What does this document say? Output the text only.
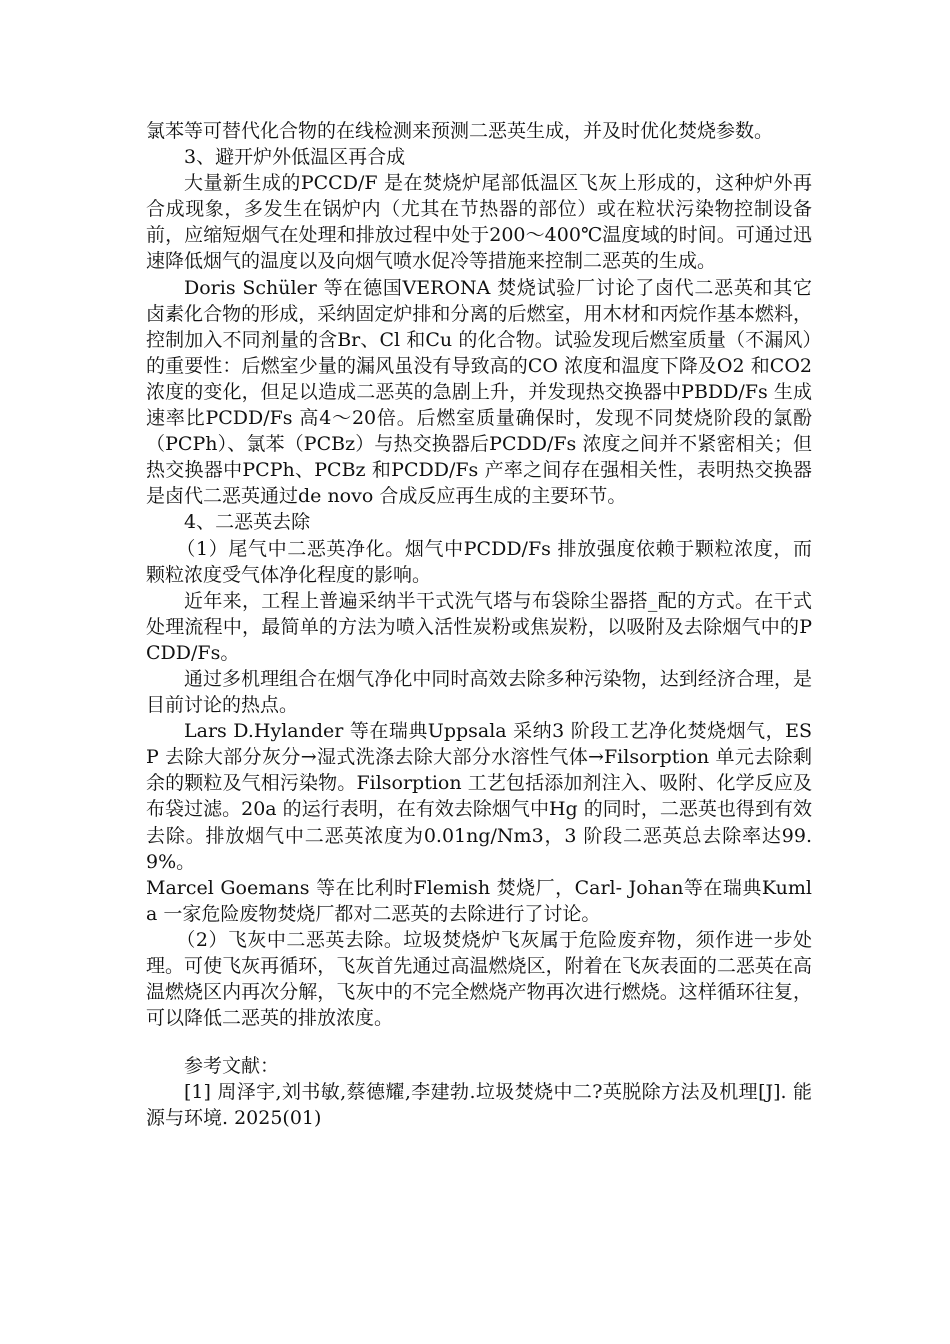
氯苯等可替代化合物的在线检测来预测二恶英生成，并及时优化焚烧参数。

3、避开炉外低温区再合成

大量新生成的PCCD/F 是在焚烧炉尾部低温区飞灰上形成的，这种炉外再合成现象，多发生在锅炉内（尤其在节热器的部位）或在粒状污染物控制设备前，应缩短烟气在处理和排放过程中处于200～400℃温度域的时间。可通过迅速降低烟气的温度以及向烟气喷水促冷等措施来控制二恶英的生成。

Doris Schüler 等在德国VERONA 焚烧试验厂讨论了卤代二恶英和其它卤素化合物的形成，采纳固定炉排和分离的后燃室，用木材和丙烷作基本燃料，控制加入不同剂量的含Br、Cl 和Cu 的化合物。试验发现后燃室质量（不漏风）的重要性：后燃室少量的漏风虽没有导致高的CO 浓度和温度下降及O2 和CO2 浓度的变化，但足以造成二恶英的急剧上升，并发现热交换器中PBDD/Fs 生成速率比PCDD/Fs 高4～20倍。后燃室质量确保时，发现不同焚烧阶段的氯酚（PCPh）、氯苯（PCBz）与热交换器后PCDD/Fs 浓度之间并不紧密相关；但热交换器中PCPh、PCBz 和PCDD/Fs 产率之间存在强相关性，表明热交换器是卤代二恶英通过de novo 合成反应再生成的主要环节。

4、二恶英去除

（1）尾气中二恶英净化。烟气中PCDD/Fs 排放强度依赖于颗粒浓度，而颗粒浓度受气体净化程度的影响。

近年来，工程上普遍采纳半干式洗气塔与布袋除尘器搭_配的方式。在干式处理流程中，最简单的方法为喷入活性炭粉或焦炭粉，以吸附及去除烟气中的PCDD/Fs。

通过多机理组合在烟气净化中同时高效去除多种污染物，达到经济合理，是目前讨论的热点。

Lars D.Hylander 等在瑞典Uppsala 采纳3 阶段工艺净化焚烧烟气，ESP 去除大部分灰分→湿式洗涤去除大部分水溶性气体→Filsorption 单元去除剩余的颗粒及气相污染物。Filsorption 工艺包括添加剂注入、吸附、化学反应及布袋过滤。20a 的运行表明，在有效去除烟气中Hg 的同时，二恶英也得到有效去除。排放烟气中二恶英浓度为0.01ng/Nm3，3 阶段二恶英总去除率达99.9%。

Marcel Goemans 等在比利时Flemish 焚烧厂，Carl- Johan等在瑞典Kumla 一家危险废物焚烧厂都对二恶英的去除进行了讨论。

（2）飞灰中二恶英去除。垃圾焚烧炉飞灰属于危险废弃物，须作进一步处理。可使飞灰再循环，飞灰首先通过高温燃烧区，附着在飞灰表面的二恶英在高温燃烧区内再次分解，飞灰中的不完全燃烧产物再次进行燃烧。这样循环往复，可以降低二恶英的排放浓度。

参考文献：

[1] 周泽宇,刘书敏,蔡德耀,李建勃.垃圾焚烧中二?英脱除方法及机理[J]. 能源与环境. 2025(01)
